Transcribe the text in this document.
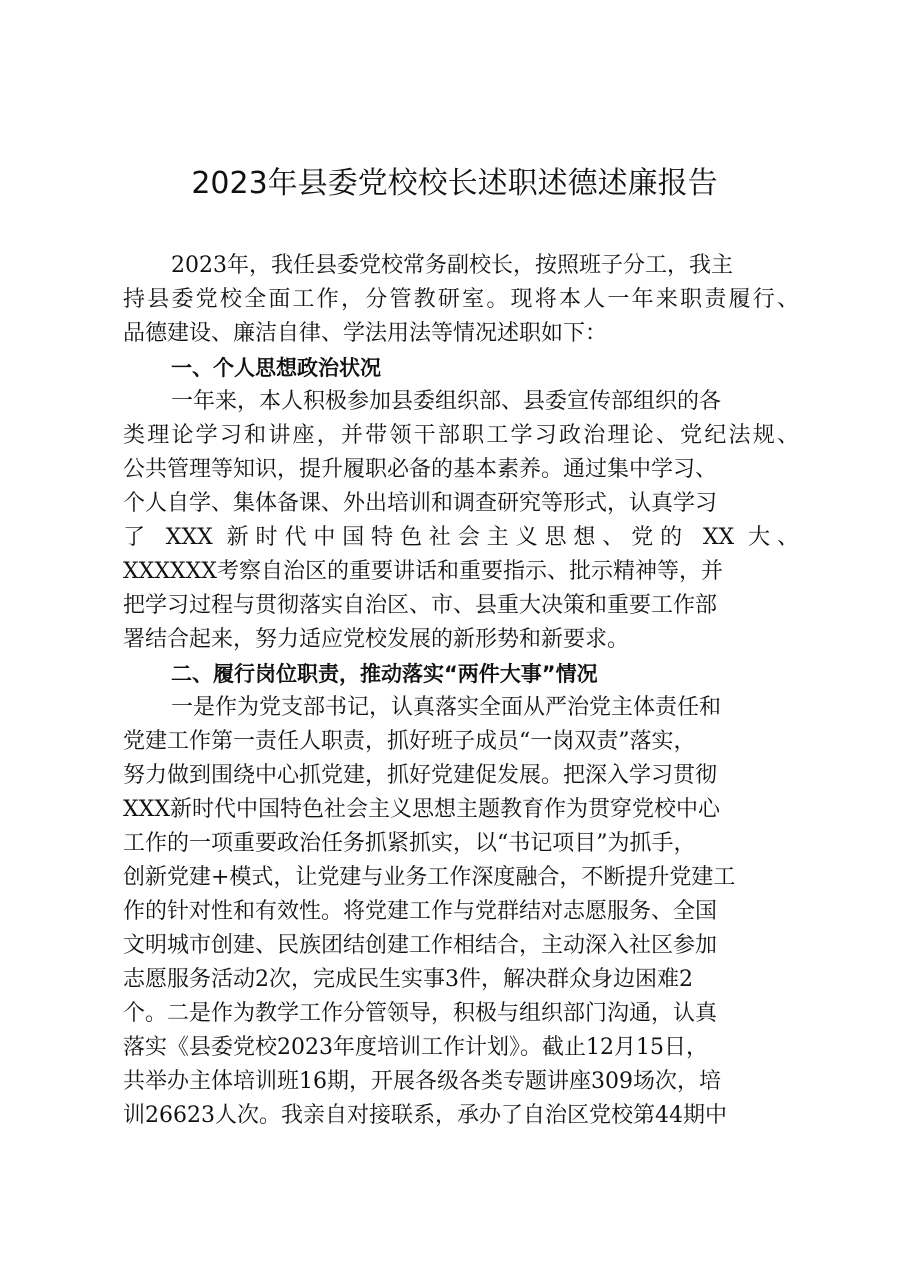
2023年县委党校校长述职述德述廉报告
2023年，我任县委党校常务副校长，按照班子分工，我主
持县委党校全面工作，分管教研室。现将本人一年来职责履行、
品德建设、廉洁自律、学法用法等情况述职如下：
一、个人思想政治状况
一年来，本人积极参加县委组织部、县委宣传部组织的各
类理论学习和讲座，并带领干部职工学习政治理论、党纪法规、
公共管理等知识，提升履职必备的基本素养。通过集中学习、
个人自学、集体备课、外出培训和调查研究等形式，认真学习
了 XXX 新时代中国特色社会主义思想、党的 XX 大、
XXXXXX考察自治区的重要讲话和重要指示、批示精神等，并
把学习过程与贯彻落实自治区、市、县重大决策和重要工作部
署结合起来，努力适应党校发展的新形势和新要求。
二、履行岗位职责，推动落实“两件大事”情况
一是作为党支部书记，认真落实全面从严治党主体责任和
党建工作第一责任人职责，抓好班子成员“一岗双责”落实，
努力做到围绕中心抓党建，抓好党建促发展。把深入学习贯彻
XXX新时代中国特色社会主义思想主题教育作为贯穿党校中心
工作的一项重要政治任务抓紧抓实，以“书记项目”为抓手，
创新党建+模式，让党建与业务工作深度融合，不断提升党建工
作的针对性和有效性。将党建工作与党群结对志愿服务、全国
文明城市创建、民族团结创建工作相结合，主动深入社区参加
志愿服务活动2次，完成民生实事3件，解决群众身边困难2
个。二是作为教学工作分管领导，积极与组织部门沟通，认真
落实《县委党校2023年度培训工作计划》。截止12月15日，
共举办主体培训班16期，开展各级各类专题讲座309场次，培
训26623人次。我亲自对接联系，承办了自治区党校第44期中
